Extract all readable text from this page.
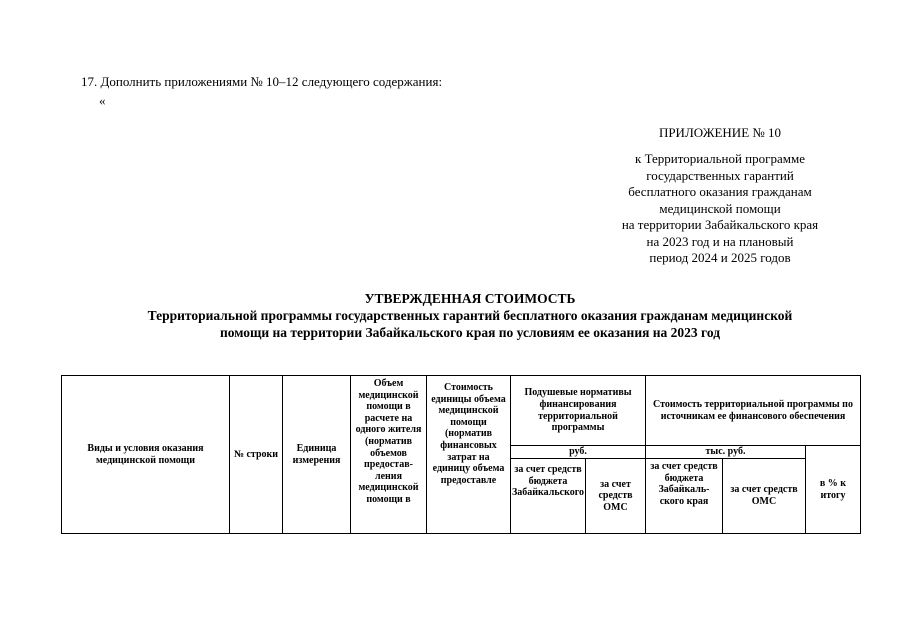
17. Дополнить приложениями № 10–12 следующего содержания:
«
ПРИЛОЖЕНИЕ № 10
к Территориальной программе
государственных гарантий
бесплатного оказания гражданам
медицинской помощи
на территории Забайкальского края
на 2023 год и на плановый
период 2024 и 2025 годов
УТВЕРЖДЕННАЯ СТОИМОСТЬ
Территориальной программы государственных гарантий бесплатного оказания гражданам медицинской
помощи на территории Забайкальского края по условиям ее оказания на 2023 год
Виды и условия оказания медицинской помощи	№ строки	Единица измерения	Объем медицинской помощи в расчете на одного жителя (норматив объемов предостав-ления медицинской помощи в	Стоимость единицы объема медицинской помощи (норматив финансовых затрат на единицу объема предоставле	Подушевые нормативы финансирования территориальной программы		Стоимость территориальной программы по источникам ее финансового обеспечения		
					руб.		тыс. руб.		в % к итогу

					за счет средств бюджета Забайкальского	за счет средств ОМС	за счет средств бюджета Забайкаль-ского края	за счет средств ОМС	
